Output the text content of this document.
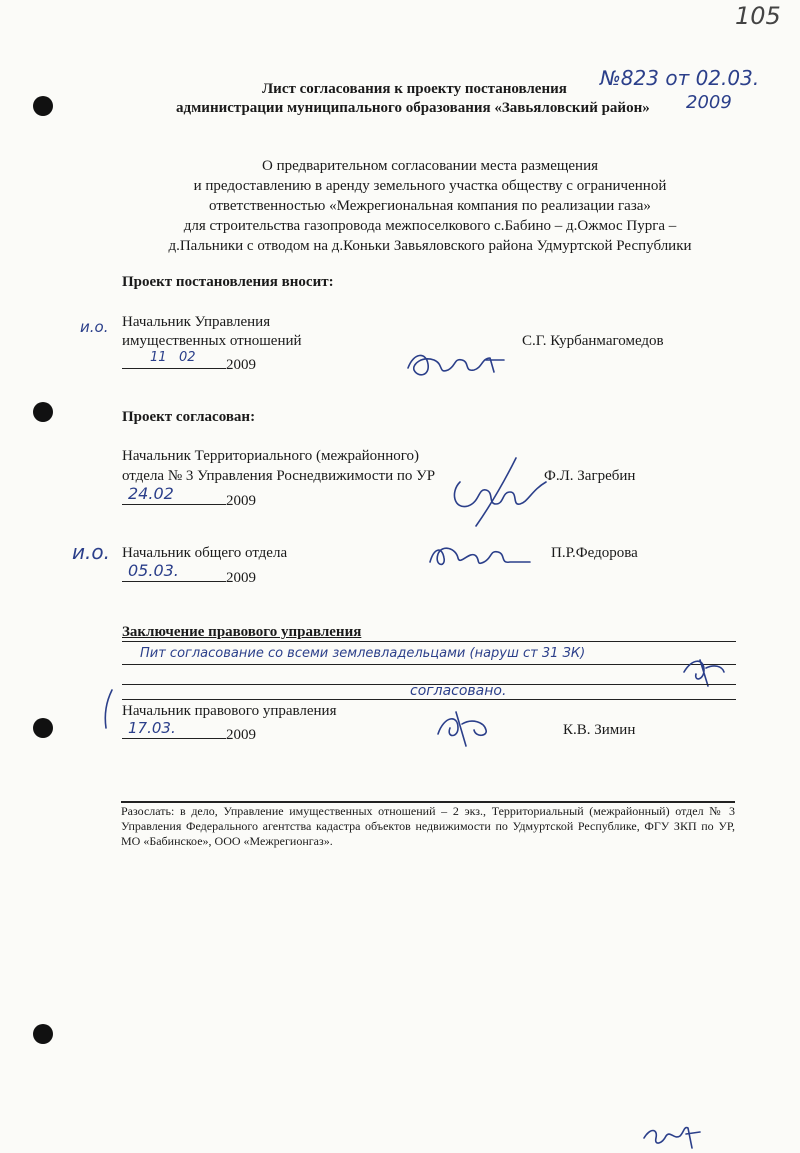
105
Лист согласования к проекту постановления
администрации муниципального образования «Завьяловский район»
№823 от 02.03.
2009
О предварительном согласовании места размещения
и предоставлению в аренду земельного участка обществу с ограниченной
ответственностью «Межрегиональная компания по реализации газа»
для строительства газопровода межпоселкового с.Бабино – д.Ожмос Пурга –
д.Пальники с отводом на д.Коньки Завьяловского района Удмуртской Республики
Проект постановления вносит:
и.о. Начальник Управления
имущественных отношений	С.Г. Курбанмагомедов
11 02 2009
Проект согласован:
Начальник Территориального (межрайонного)
отдела № 3 Управления Роснедвижимости по УР	Ф.Л. Загребин
24.02	2009
и.о. Начальник общего отдела	П.Р.Федорова
05.03.	2009
Заключение правового управления
Пит согласование со всеми землевладельцами (наруш ст 31 ЗК)
согласовано.
Начальник правового управления
17.03.	2009	К.В. Зимин
Разослать: в дело, Управление имущественных отношений – 2 экз., Территориальный (межрайонный) отдел № 3 Управления Федерального агентства кадастра объектов недвижимости по Удмуртской Республике, ФГУ ЗКП по УР, МО «Бабинское», ООО «Межрегионгаз».
